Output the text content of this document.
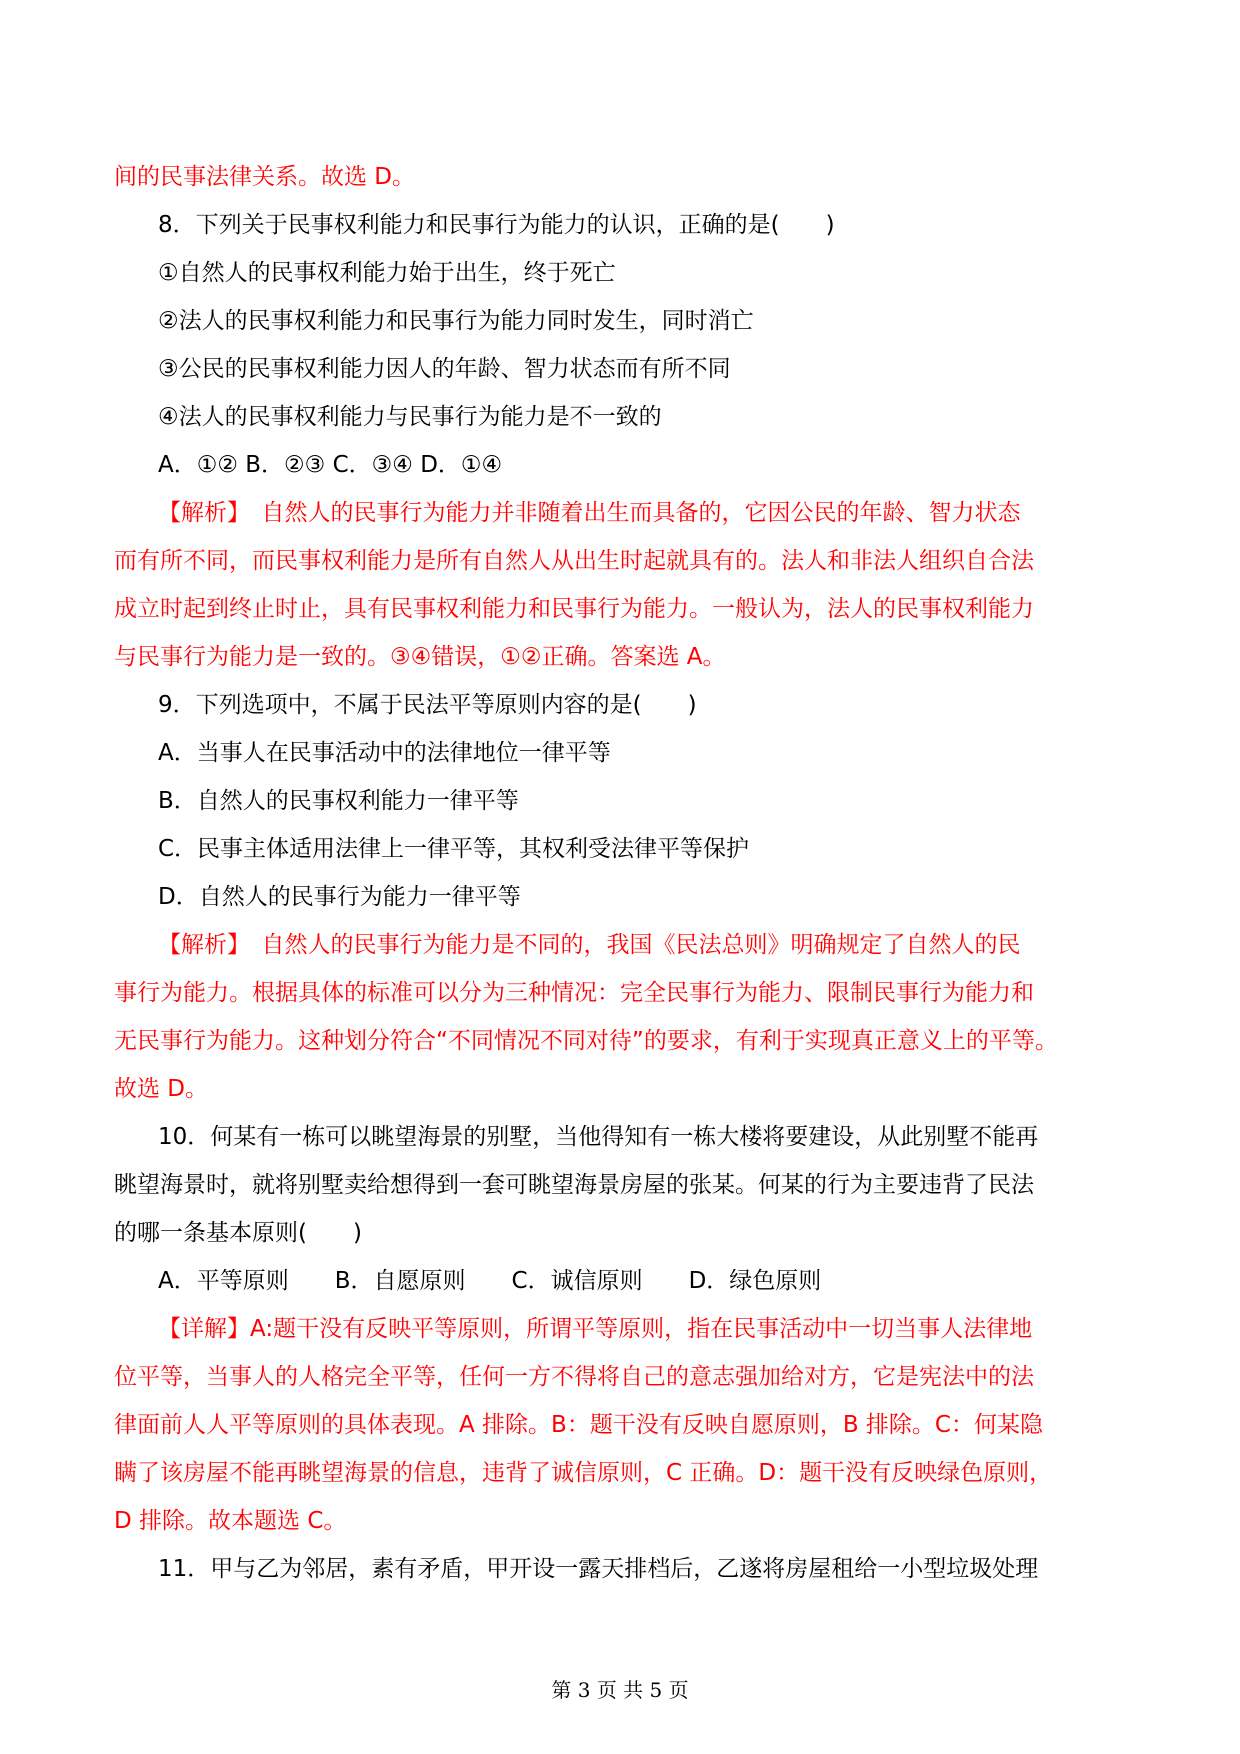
间的民事法律关系。故选 D。
8．下列关于民事权利能力和民事行为能力的认识，正确的是(　　)
①自然人的民事权利能力始于出生，终于死亡
②法人的民事权利能力和民事行为能力同时发生，同时消亡
③公民的民事权利能力因人的年龄、智力状态而有所不同
④法人的民事权利能力与民事行为能力是不一致的
A．①② B．②③ C．③④ D．①④
【解析】　自然人的民事行为能力并非随着出生而具备的，它因公民的年龄、智力状态
而有所不同，而民事权利能力是所有自然人从出生时起就具有的。法人和非法人组织自合法
成立时起到终止时止，具有民事权利能力和民事行为能力。一般认为，法人的民事权利能力
与民事行为能力是一致的。③④错误，①②正确。答案选 A。
9．下列选项中，不属于民法平等原则内容的是(　　)
A．当事人在民事活动中的法律地位一律平等
B．自然人的民事权利能力一律平等
C．民事主体适用法律上一律平等，其权利受法律平等保护
D．自然人的民事行为能力一律平等
【解析】　自然人的民事行为能力是不同的，我国《民法总则》明确规定了自然人的民
事行为能力。根据具体的标准可以分为三种情况：完全民事行为能力、限制民事行为能力和
无民事行为能力。这种划分符合“不同情况不同对待”的要求，有利于实现真正意义上的平等。
故选 D。
10．何某有一栋可以眺望海景的别墅，当他得知有一栋大楼将要建设，从此别墅不能再
眺望海景时，就将别墅卖给想得到一套可眺望海景房屋的张某。何某的行为主要违背了民法
的哪一条基本原则(　　)
A．平等原则　　B．自愿原则　　C．诚信原则　　D．绿色原则
【详解】A:题干没有反映平等原则，所谓平等原则，指在民事活动中一切当事人法律地
位平等，当事人的人格完全平等，任何一方不得将自己的意志强加给对方，它是宪法中的法
律面前人人平等原则的具体表现。A 排除。B：题干没有反映自愿原则，B 排除。C：何某隐
瞒了该房屋不能再眺望海景的信息，违背了诚信原则，C 正确。D：题干没有反映绿色原则，
D 排除。故本题选 C。
11．甲与乙为邻居，素有矛盾，甲开设一露天排档后，乙遂将房屋租给一小型垃圾处理
第 3 页 共 5 页
